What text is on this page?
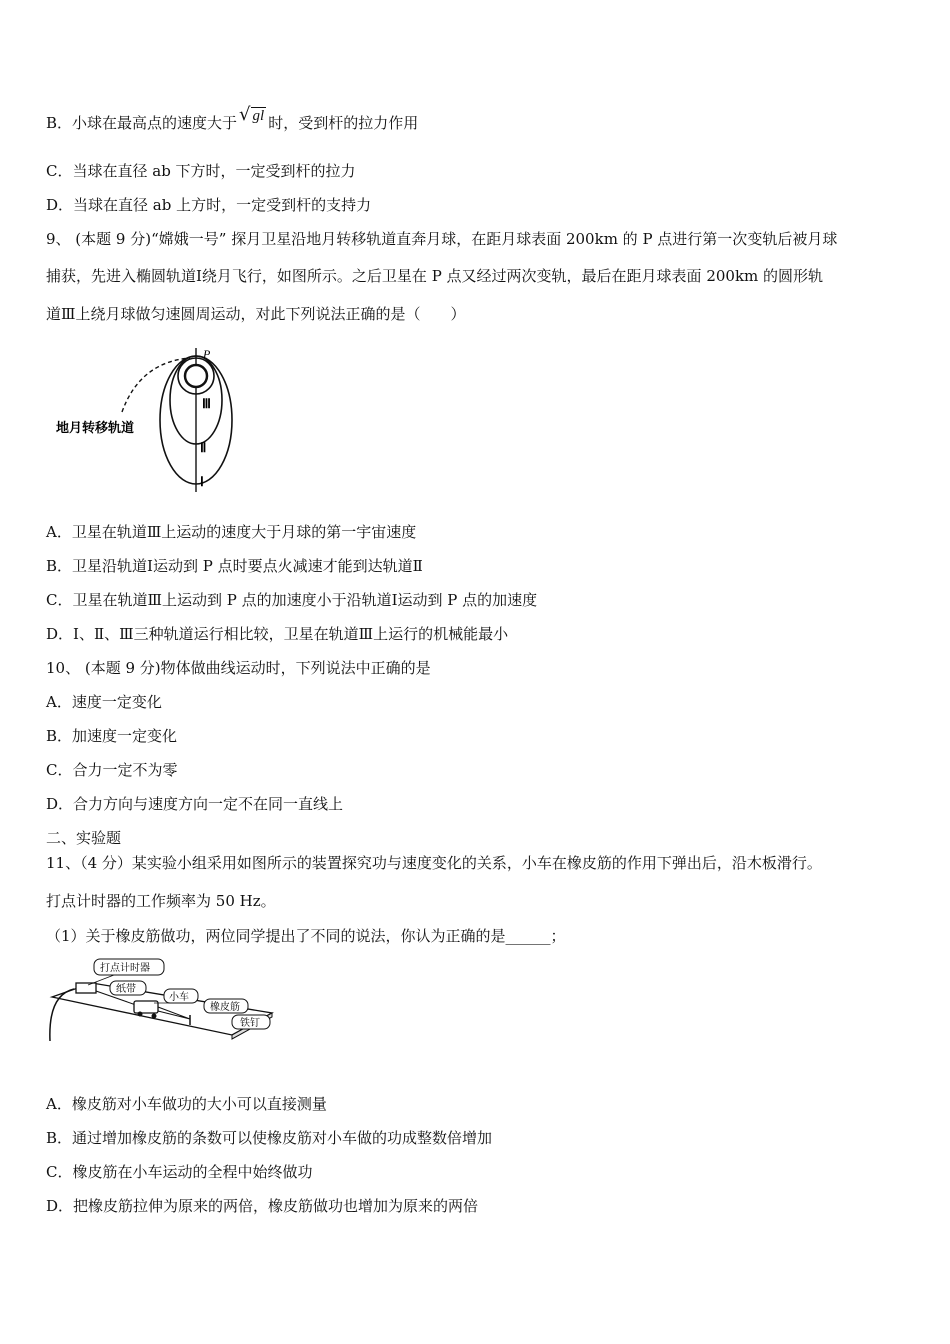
B．小球在最高点的速度大于 √ gl 时，受到杆的拉力作用
C．当球在直径 ab 下方时，一定受到杆的拉力
D．当球在直径 ab 上方时，一定受到杆的支持力
9、 (本题 9 分)“嫦娥一号” 探月卫星沿地月转移轨道直奔月球，在距月球表面 200km 的 P 点进行第一次变轨后被月球
捕获，先进入椭圆轨道Ⅰ绕月飞行，如图所示。之后卫星在 P 点又经过两次变轨，最后在距月球表面 200km 的圆形轨
道Ⅲ上绕月球做匀速圆周运动，对此下列说法正确的是（　　）
P
Ⅲ
Ⅱ
Ⅰ
地月转移轨道
A．卫星在轨道Ⅲ上运动的速度大于月球的第一宇宙速度
B．卫星沿轨道Ⅰ运动到 P 点时要点火减速才能到达轨道Ⅱ
C．卫星在轨道Ⅲ上运动到 P 点的加速度小于沿轨道Ⅰ运动到 P 点的加速度
D．Ⅰ、Ⅱ、Ⅲ三种轨道运行相比较，卫星在轨道Ⅲ上运行的机械能最小
10、 (本题 9 分)物体做曲线运动时，下列说法中正确的是
A．速度一定变化
B．加速度一定变化
C．合力一定不为零
D．合力方向与速度方向一定不在同一直线上
二、实验题
11、（4 分）某实验小组采用如图所示的装置探究功与速度变化的关系，小车在橡皮筋的作用下弹出后，沿木板滑行。
打点计时器的工作频率为 50 Hz。
（1）关于橡皮筋做功，两位同学提出了不同的说法，你认为正确的是______；
打点计时器
纸带
小车
橡皮筋
铁钉
A．橡皮筋对小车做功的大小可以直接测量
B．通过增加橡皮筋的条数可以使橡皮筋对小车做的功成整数倍增加
C．橡皮筋在小车运动的全程中始终做功
D．把橡皮筋拉伸为原来的两倍，橡皮筋做功也增加为原来的两倍
